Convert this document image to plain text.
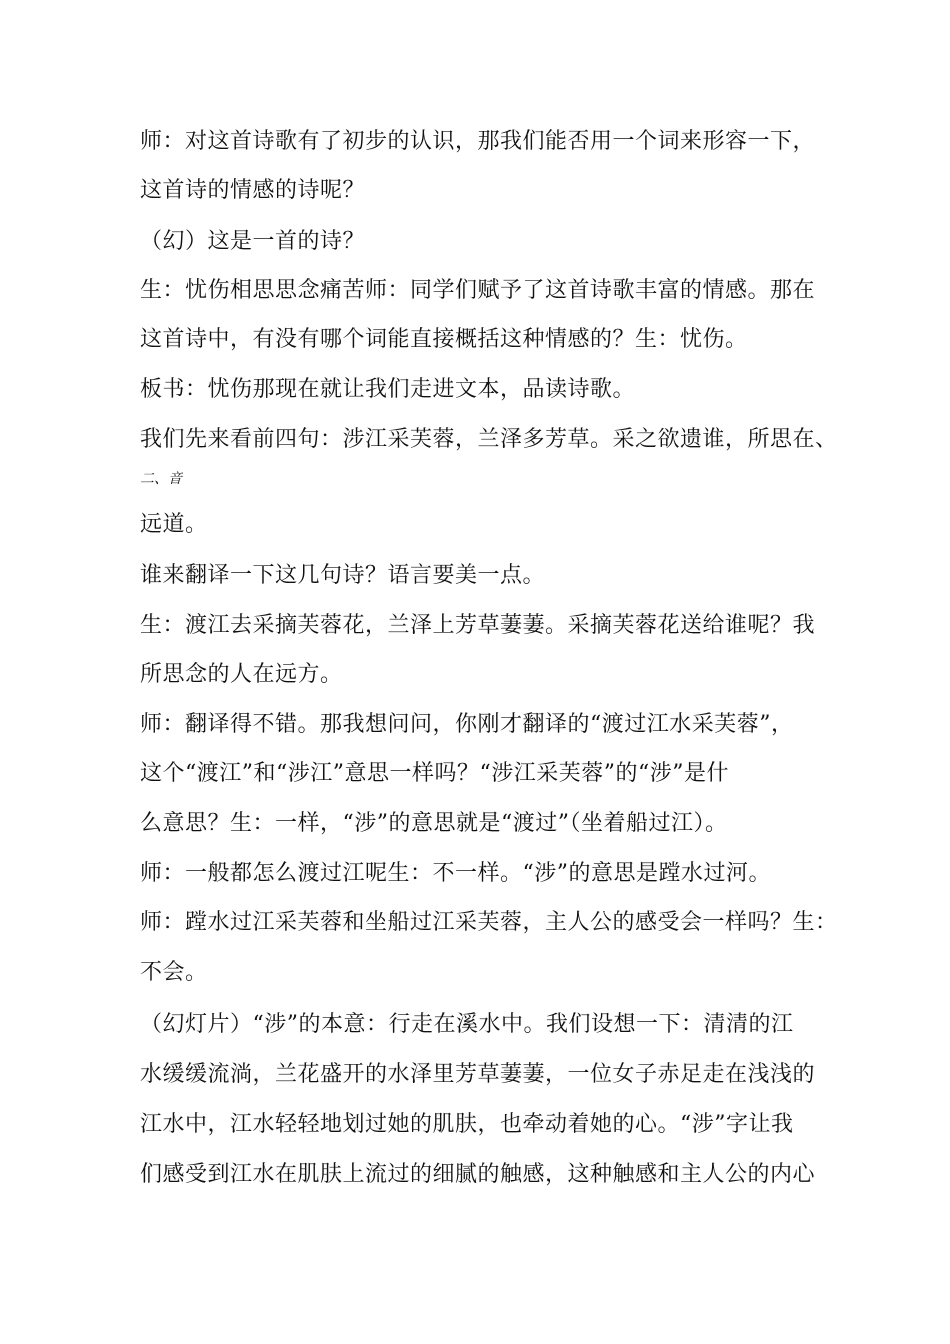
师：对这首诗歌有了初步的认识，那我们能否用一个词来形容一下，
这首诗的情感的诗呢？
（幻）这是一首的诗？
生：忧伤相思思念痛苦师：同学们赋予了这首诗歌丰富的情感。那在
这首诗中，有没有哪个词能直接概括这种情感的？生：忧伤。
板书：忧伤那现在就让我们走进文本，品读诗歌。
我们先来看前四句：涉江采芙蓉，兰泽多芳草。采之欲遗谁，所思在、
二、音
远道。
谁来翻译一下这几句诗？语言要美一点。
生：渡江去采摘芙蓉花，兰泽上芳草萋萋。采摘芙蓉花送给谁呢？我
所思念的人在远方。
师：翻译得不错。那我想问问，你刚才翻译的“渡过江水采芙蓉”，
这个“渡江”和“涉江”意思一样吗？“涉江采芙蓉”的“涉”是什
么意思？生：一样，“涉”的意思就是“渡过”（坐着船过江）。
师：一般都怎么渡过江呢生：不一样。“涉”的意思是蹚水过河。
师：蹚水过江采芙蓉和坐船过江采芙蓉，主人公的感受会一样吗？生：
不会。
（幻灯片）“涉”的本意：行走在溪水中。我们设想一下：清清的江
水缓缓流淌，兰花盛开的水泽里芳草萋萋，一位女子赤足走在浅浅的
江水中，江水轻轻地划过她的肌肤，也牵动着她的心。“涉”字让我
们感受到江水在肌肤上流过的细腻的触感，这种触感和主人公的内心
